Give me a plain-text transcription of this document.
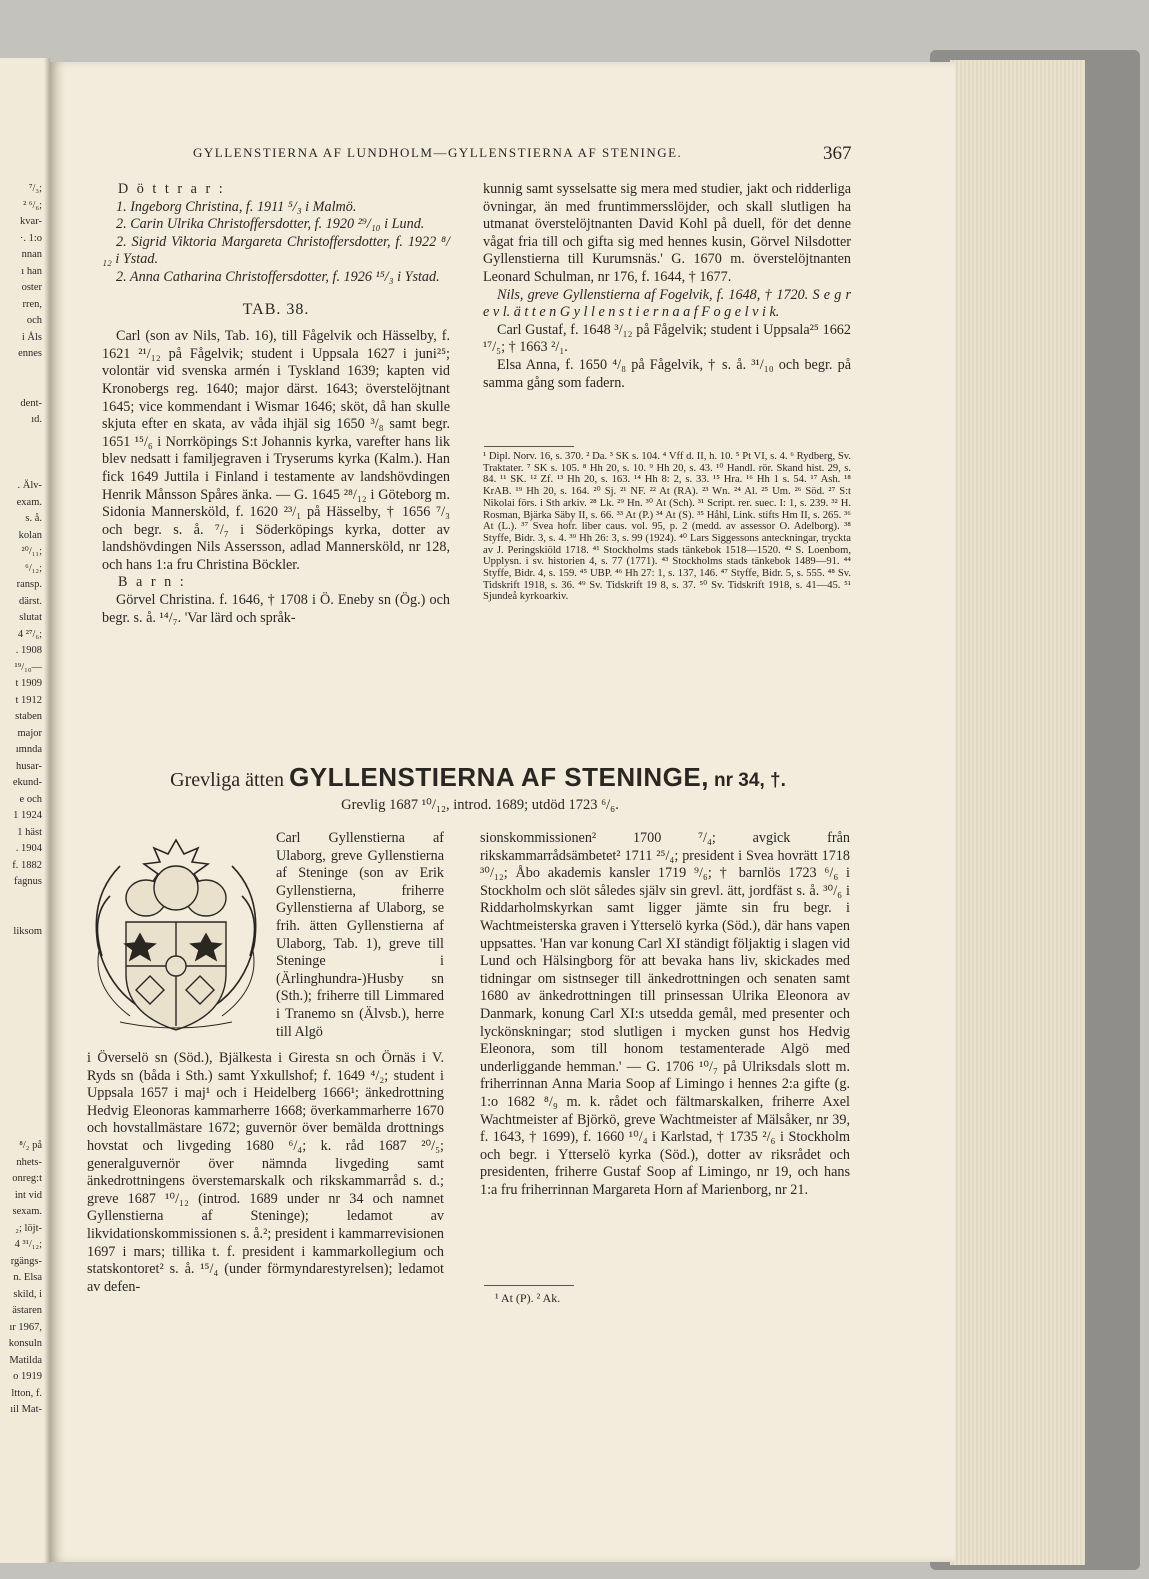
⁷/₃;
² ⁶/₆;
kvar-
·. 1:o
nnan
ı han
oster
rren,
och
i Åls
ennes
dent-
ıd.
. Älv-
exam.
s. å.
kolan
²⁰/₁₁;
⁶/₁₂;
ransp.
därst.
slutat
4 ²⁷/₆;
. 1908
¹⁹/₁₀—
t 1909
t 1912
staben
major
ımnda
husar-
ekund-
e och
1 1924
1 häst
. 1904
f. 1882
fagnus
liksom
⁸/₂ på
nhets-
onreg:t
int vid
sexam.
₂; löjt-
4 ³¹/₁₂;
rgängs-
n. Elsa
skild, i
ästaren
ır 1967,
konsuln
Matilda
o 1919
ltton, f.
ıil Mat-
GYLLENSTIERNA AF LUNDHOLM—GYLLENSTIERNA AF STENINGE.	367

D ö t t r a r :

1. Ingeborg Christina, f. 1911 ⁵/₃ i Malmö.

2. Carin Ulrika Christoffersdotter, f. 1920 ²⁹/₁₀ i Lund.

2. Sigrid Viktoria Margareta Christoffersdotter, f. 1922 ⁸/₁₂ i Ystad.

2. Anna Catharina Christoffersdotter, f. 1926 ¹⁵/₃ i Ystad.

TAB. 38.

Carl (son av Nils, Tab. 16), till Fågelvik och Hässelby, f. 1621 ²¹/₁₂ på Fågelvik; student i Uppsala 1627 i juni²⁵; volontär vid svenska armén i Tyskland 1639; kapten vid Kronobergs reg. 1640; major därst. 1643; överstelöjtnant 1645; vice kommendant i Wismar 1646; sköt, då han skulle skjuta efter en skata, av våda ihjäl sig 1650 ³/₈ samt begr. 1651 ¹⁵/₆ i Norrköpings S:t Johannis kyrka, varefter hans lik blev nedsatt i familjegraven i Tryserums kyrka (Kalm.). Han fick 1649 Juttila i Finland i testamente av landshövdingen Henrik Månsson Spåres änka. — G. 1645 ²⁸/₁₂ i Göteborg m. Sidonia Mannersköld, f. 1620 ²³/₁ på Hässelby, † 1656 ⁷/₃ och begr. s. å. ⁷/₇ i Söderköpings kyrka, dotter av landshövdingen Nils Assersson, adlad Mannersköld, nr 128, och hans 1:a fru Christina Böckler.

B a r n :

Görvel Christina. f. 1646, † 1708 i Ö. Eneby sn (Ög.) och begr. s. å. ¹⁴/₇. 'Var lärd och språk-

kunnig samt sysselsatte sig mera med studier, jakt och ridderliga övningar, än med fruntimmersslöjder, och skall slutligen ha utmanat överstelöjtnanten David Kohl på duell, för det denne vågat fria till och gifta sig med hennes kusin, Görvel Nilsdotter Gyllenstierna till Kurumsnäs.' G. 1670 m. överstelöjtnanten Leonard Schulman, nr 176, f. 1644, † 1677.

Nils, greve Gyllenstierna af Fogelvik, f. 1648, † 1720. S e g r e v l. ä t t e n G y l l e n s t i e r n a a f F o g e l v i k.

Carl Gustaf, f. 1648 ³/₁₂ på Fågelvik; student i Uppsala²⁵ 1662 ¹⁷/₅; † 1663 ²/₁.

Elsa Anna, f. 1650 ⁴/₈ på Fågelvik, † s. å. ³¹/₁₀ och begr. på samma gång som fadern.

¹ Dipl. Norv. 16, s. 370. ² Da. ³ SK s. 104. ⁴ Vff d. II, h. 10. ⁵ Pt VI, s. 4. ⁶ Rydberg, Sv. Traktater. ⁷ SK s. 105. ⁸ Hh 20, s. 10. ⁹ Hh 20, s. 43. ¹⁰ Handl. rör. Skand hist. 29, s. 84. ¹¹ SK. ¹² Zf. ¹³ Hh 20, s. 163. ¹⁴ Hh 8: 2, s. 33. ¹⁵ Hra. ¹⁶ Hh 1 s. 54. ¹⁷ Ash. ¹⁸ KrAB. ¹⁹ Hh 20, s. 164. ²⁰ Sj. ²¹ NF. ²² At (RA). ²³ Wn. ²⁴ Al. ²⁵ Um. ²⁶ Söd. ²⁷ S:t Nikolai förs. i Sth arkiv. ²⁸ Lk. ²⁹ Hn. ³⁰ At (Sch). ³¹ Script. rer. suec. I: 1, s. 239. ³² H. Rosman, Bjärka Säby II, s. 66. ³³ At (P.) ³⁴ At (S). ³⁵ Håhl, Link. stifts Hm II, s. 265. ³⁶ At (L.). ³⁷ Svea hofr. liber caus. vol. 95, p. 2 (medd. av assessor O. Adelborg). ³⁸ Styffe, Bidr. 3, s. 4. ³⁹ Hh 26: 3, s. 99 (1924). ⁴⁰ Lars Siggessons anteckningar, tryckta av J. Peringskiöld 1718. ⁴¹ Stockholms stads tänkebok 1518—1520. ⁴² S. Loenbom, Upplysn. i sv. historien 4, s. 77 (1771). ⁴³ Stockholms stads tänkebok 1489—91. ⁴⁴ Styffe, Bidr. 4, s. 159. ⁴⁵ UBP. ⁴⁶ Hh 27: 1, s. 137, 146. ⁴⁷ Styffe, Bidr. 5, s. 555. ⁴⁸ Sv. Tidskrift 1918, s. 36. ⁴⁹ Sv. Tidskrift 19 8, s. 37. ⁵⁰ Sv. Tidskrift 1918, s. 41—45. ⁵¹ Sjundeå kyrkoarkiv.
Grevliga ätten GYLLENSTIERNA AF STENINGE, nr 34, †.
Grevlig 1687 ¹⁰/₁₂, introd. 1689; utdöd 1723 ⁶/₆.
Carl Gyllenstierna af Ulaborg, greve Gyllenstierna af Steninge (son av Erik Gyllenstierna, friherre Gyllenstierna af Ulaborg, se frih. ätten Gyllenstierna af Ulaborg, Tab. 1), greve till Steninge i (Ärlinghundra-)Husby sn (Sth.); friherre till Limmared i Tranemo sn (Älvsb.), herre till Algö
i Överselö sn (Söd.), Bjälkesta i Giresta sn och Örnäs i V. Ryds sn (båda i Sth.) samt Yxkullshof; f. 1649 ⁴/₂; student i Uppsala 1657 i maj¹ och i Heidelberg 1666¹; änkedrottning Hedvig Eleonoras kammarherre 1668; överkammarherre 1670 och hovstallmästare 1672; guvernör över bemälda drottnings hovstat och livgeding 1680 ⁶/₄; k. råd 1687 ²⁰/₅; generalguvernör över nämnda livgeding samt änkedrottningens överstemarskalk och rikskammarråd s. d.; greve 1687 ¹⁰/₁₂ (introd. 1689 under nr 34 och namnet Gyllenstierna af Steninge); ledamot av likvidationskommissionen s. å.²; president i kammarrevisionen 1697 i mars; tillika t. f. president i kammarkollegium och statskontoret² s. å. ¹⁵/₄ (under förmyndarestyrelsen); ledamot av defen-
sionskommissionen² 1700 ⁷/₄; avgick från rikskammarrådsämbetet² 1711 ²⁵/₄; president i Svea hovrätt 1718 ³⁰/₁₂; Åbo akademis kansler 1719 ⁹/₆; † barnlös 1723 ⁶/₆ i Stockholm och slöt således själv sin grevl. ätt, jordfäst s. å. ³⁰/₆ i Riddarholmskyrkan samt ligger jämte sin fru begr. i Wachtmeisterska graven i Ytterselö kyrka (Söd.), där hans vapen uppsattes. 'Han var konung Carl XI ständigt följaktig i slagen vid Lund och Hälsingborg för att bevaka hans liv, skickades med tidningar om sistnseger till änkedrottningen och senaten samt 1680 av änkedrottningen till prinsessan Ulrika Eleonora av Danmark, konung Carl XI:s utsedda gemål, med presenter och lyckönskningar; stod slutligen i mycken gunst hos Hedvig Eleonora, som till honom testamenterade Algö med underliggande hemman.' — G. 1706 ¹⁰/₇ på Ulriksdals slott m. friherrinnan Anna Maria Soop af Limingo i hennes 2:a gifte (g. 1:o 1682 ⁸/₉ m. k. rådet och fältmarskalken, friherre Axel Wachtmeister af Björkö, greve Wachtmeister af Mälsåker, nr 39, f. 1643, † 1699), f. 1660 ¹⁰/₄ i Karlstad, † 1735 ²/₆ i Stockholm och begr. i Ytterselö kyrka (Söd.), dotter av riksrådet och presidenten, friherre Gustaf Soop af Limingo, nr 19, och hans 1:a fru friherrinnan Margareta Horn af Marienborg, nr 21.
¹ At (P). ² Ak.
